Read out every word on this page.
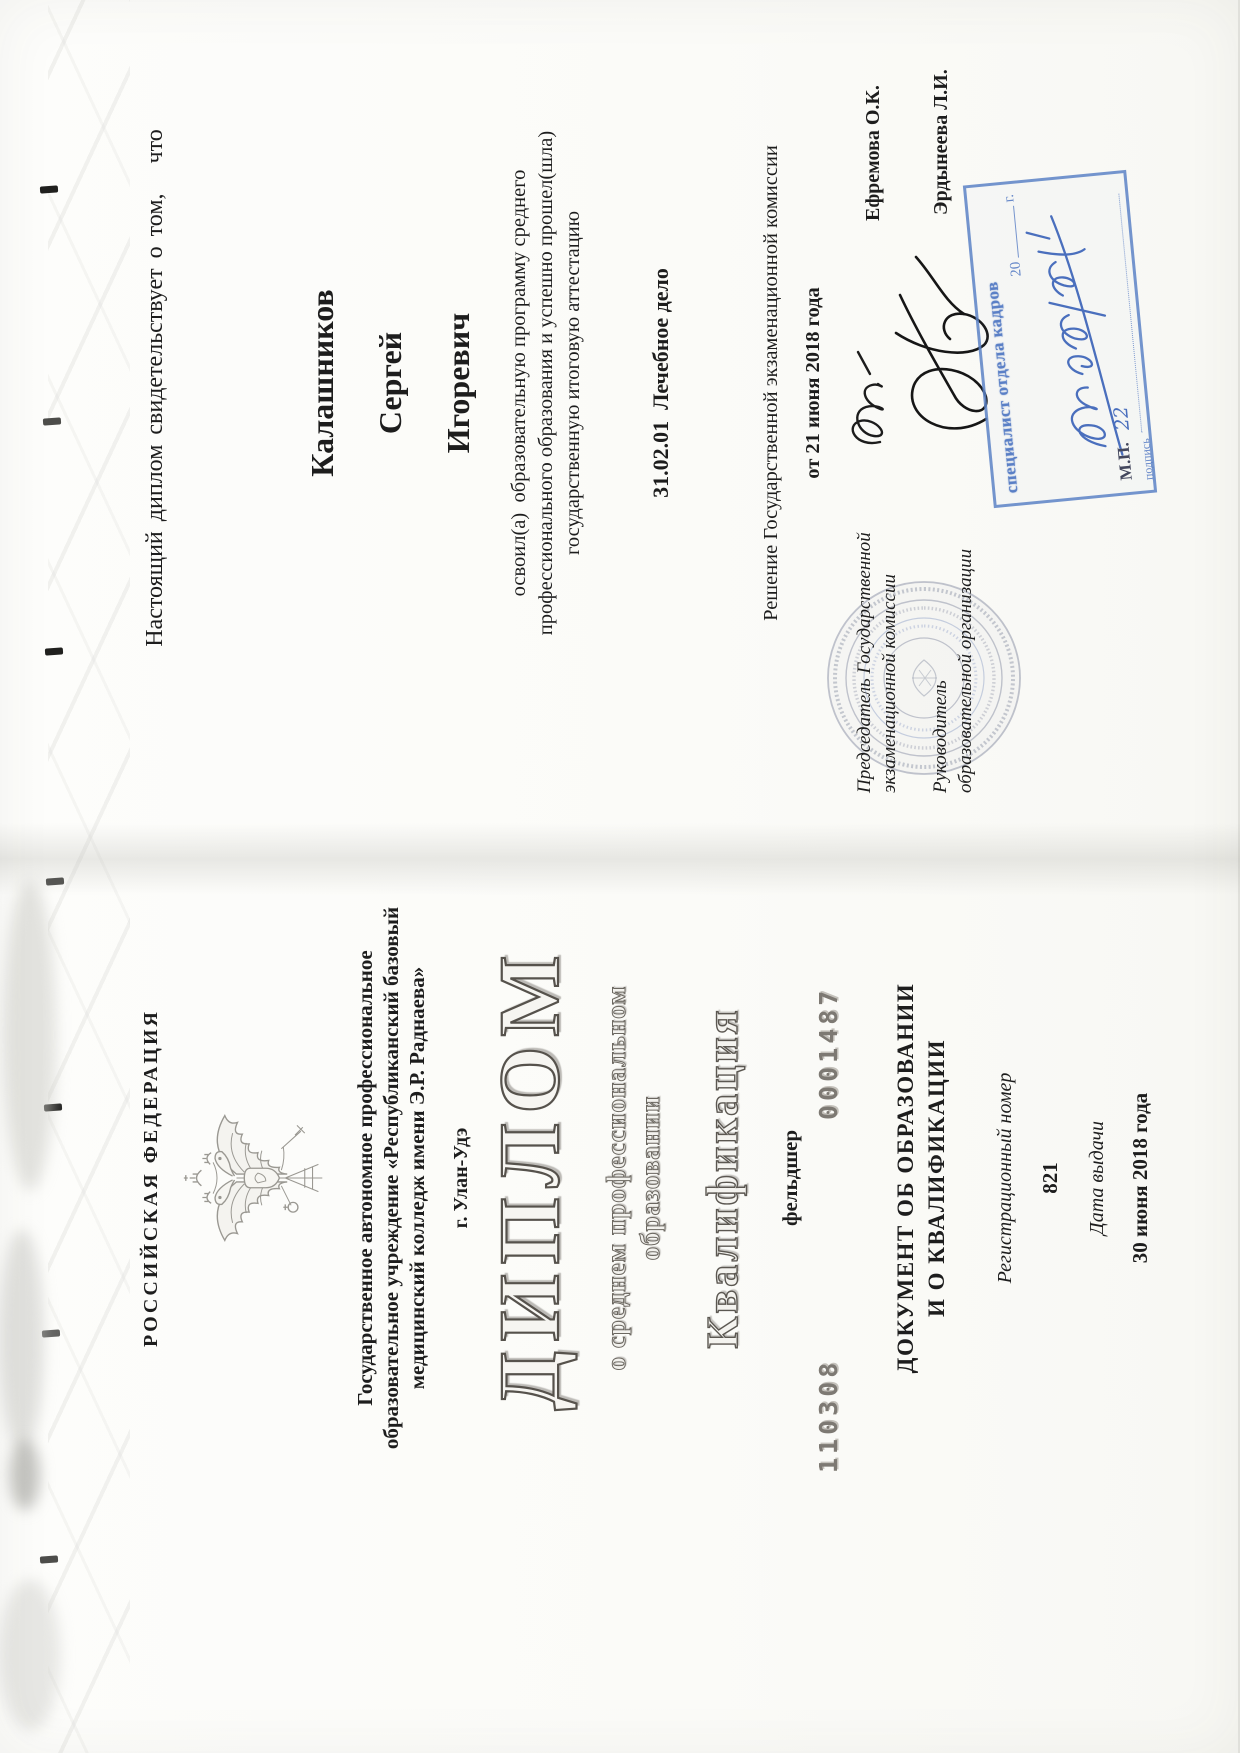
РОССИЙСКАЯ ФЕДЕРАЦИЯ	Государственное автономное профессиональное образовательное учреждение «Республиканский базовый медицинский колледж имени Э.Р. Раднаева» г. Улан-Удэ ДИПЛОМ о среднем профессиональном образовании Квалификация фельдшер
110308
0001487 ДОКУМЕНТ ОБ ОБРАЗОВАНИИ И О КВАЛИФИКАЦИИ Регистрационный номер 821 Дата выдачи 30 июня 2018 года
Настоящий диплом свидетельствует о том,   что	Калашников	Сергей	Игоревич	освоил(а)  образовательную программу среднего профессионального образования и успешно прошел(шла) государственную итоговую аттестацию	31.02.01  Лечебное дело	Решение Государственной экзаменационной комиссии от 21 июня 2018 года
Председатель Государственной экзаменационной комиссии
Ефремова О.К.
Руководитель образовательной организации
Эрдынеева Л.И.
специалист отдела кадров
20  г.
М.П.
22
подпись
